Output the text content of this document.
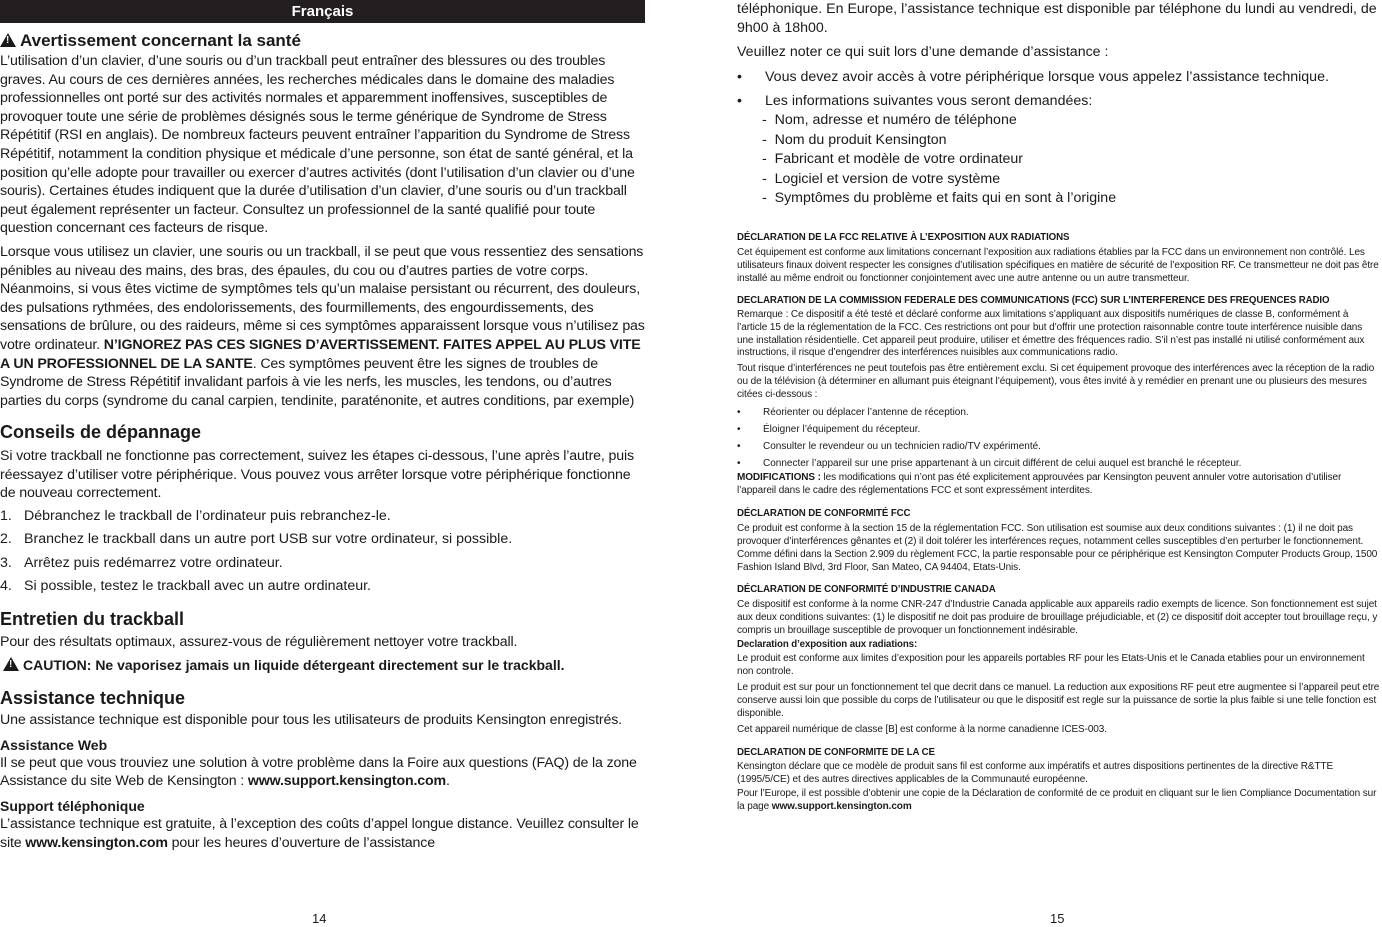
Français

!Avertissement concernant la santé

L’utilisation d’un clavier, d’une souris ou d’un trackball peut entraîner des blessures ou des troubles graves. Au cours de ces dernières années, les recherches médicales dans le domaine des maladies professionnelles ont porté sur des activités normales et apparemment inoffensives, susceptibles de provoquer toute une série de problèmes désignés sous le terme générique de Syndrome de Stress Répétitif (RSI en anglais). De nombreux facteurs peuvent entraîner l’apparition du Syndrome de Stress Répétitif, notamment la condition physique et médicale d’une personne, son état de santé général, et la position qu’elle adopte pour travailler ou exercer d’autres activités (dont l’utilisation d’un clavier ou d’une souris). Certaines études indiquent que la durée d’utilisation d’un clavier, d’une souris ou d’un trackball peut également représenter un facteur. Consultez un professionnel de la santé qualifié pour toute question concernant ces facteurs de risque.

Lorsque vous utilisez un clavier, une souris ou un trackball, il se peut que vous ressentiez des sensations pénibles au niveau des mains, des bras, des épaules, du cou ou d’autres parties de votre corps. Néanmoins, si vous êtes victime de symptômes tels qu’un malaise persistant ou récurrent, des douleurs, des pulsations rythmées, des endolorissements, des fourmillements, des engourdissements, des sensations de brûlure, ou des raideurs, même si ces symptômes apparaissent lorsque vous n’utilisez pas votre ordinateur. N’IGNOREZ PAS CES SIGNES D’AVERTISSEMENT. FAITES APPEL AU PLUS VITE A UN PROFESSIONNEL DE LA SANTE. Ces symptômes peuvent être les signes de troubles de Syndrome de Stress Répétitif invalidant parfois à vie les nerfs, les muscles, les tendons, ou d’autres parties du corps (syndrome du canal carpien, tendinite, paraténonite, et autres conditions, par exemple)

Conseils de dépannage

Si votre trackball ne fonctionne pas correctement, suivez les étapes ci-dessous, l’une après l’autre, puis réessayez d’utiliser votre périphérique. Vous pouvez vous arrêter lorsque votre périphérique fonctionne de nouveau correctement.

1. Débranchez le trackball de l’ordinateur puis rebranchez-le.
2. Branchez le trackball dans un autre port USB sur votre ordinateur, si possible.
3. Arrêtez puis redémarrez votre ordinateur.
4. Si possible, testez le trackball avec un autre ordinateur.

Entretien du trackball

Pour des résultats optimaux, assurez-vous de régulièrement nettoyer votre trackball.

!CAUTION: Ne vaporisez jamais un liquide détergeant directement sur le trackball.

Assistance technique

Une assistance technique est disponible pour tous les utilisateurs de produits Kensington enregistrés.

Assistance Web

Il se peut que vous trouviez une solution à votre problème dans la Foire aux questions (FAQ) de la zone Assistance du site Web de Kensington : www.support.kensington.com.

Support téléphonique

L’assistance technique est gratuite, à l’exception des coûts d’appel longue distance. Veuillez consulter le site www.kensington.com pour les heures d’ouverture de l’assistance

14

téléphonique. En Europe, l’assistance technique est disponible par téléphone du lundi au vendredi, de 9h00 à 18h00.

Veuillez noter ce qui suit lors d’une demande d’assistance :

•	Vous devez avoir accès à votre périphérique lorsque vous appelez l’assistance technique.
•	Les informations suivantes vous seront demandées:
- Nom, adresse et numéro de téléphone
- Nom du produit Kensington
- Fabricant et modèle de votre ordinateur
- Logiciel et version de votre système
- Symptômes du problème et faits qui en sont à l’origine

DÉCLARATION DE LA FCC RELATIVE À L’EXPOSITION AUX RADIATIONS

Cet équipement est conforme aux limitations concernant l’exposition aux radiations établies par la FCC dans un environnement non contrôlé. Les utilisateurs finaux doivent respecter les consignes d’utilisation spécifiques en matière de sécurité de l’exposition RF. Ce transmetteur ne doit pas être installé au même endroit ou fonctionner conjointement avec une autre antenne ou un autre transmetteur.

DECLARATION DE LA COMMISSION FEDERALE DES COMMUNICATIONS (FCC) SUR L’INTERFERENCE DES FREQUENCES RADIO

Remarque : Ce dispositif a été testé et déclaré conforme aux limitations s’appliquant aux dispositifs numériques de classe B, conformément à l’article 15 de la réglementation de la FCC. Ces restrictions ont pour but d’offrir une protection raisonnable contre toute interférence nuisible dans une installation résidentielle. Cet appareil peut produire, utiliser et émettre des fréquences radio. S’il n’est pas installé ni utilisé conformément aux instructions, il risque d’engendrer des interférences nuisibles aux communications radio.

Tout risque d’interférences ne peut toutefois pas être entièrement exclu. Si cet équipement provoque des interférences avec la réception de la radio ou de la télévision (à déterminer en allumant puis éteignant l’équipement), vous êtes invité à y remédier en prenant une ou plusieurs des mesures citées ci-dessous :

•	Réorienter ou déplacer l’antenne de réception.
•	Éloigner l’équipement du récepteur.
•	Consulter le revendeur ou un technicien radio/TV expérimenté.
•	Connecter l’appareil sur une prise appartenant à un circuit différent de celui auquel est branché le récepteur.

MODIFICATIONS : les modifications qui n’ont pas été explicitement approuvées par Kensington peuvent annuler votre autorisation d’utiliser l’appareil dans le cadre des réglementations FCC et sont expressément interdites.

DÉCLARATION DE CONFORMITÉ FCC

Ce produit est conforme à la section 15 de la réglementation FCC. Son utilisation est soumise aux deux conditions suivantes : (1) il ne doit pas provoquer d’interférences gênantes et (2) il doit tolérer les interférences reçues, notamment celles susceptibles d’en perturber le fonctionnement. Comme défini dans la Section 2.909 du règlement FCC, la partie responsable pour ce périphérique est Kensington Computer Products Group, 1500 Fashion Island Blvd, 3rd Floor, San Mateo, CA 94404, Etats-Unis.

DÉCLARATION DE CONFORMITÉ D’INDUSTRIE CANADA

Ce dispositif est conforme à la norme CNR-247 d’Industrie Canada applicable aux appareils radio exempts de licence. Son fonctionnement est sujet aux deux conditions suivantes: (1) le dispositif ne doit pas produire de brouillage préjudiciable, et (2) ce dispositif doit accepter tout brouillage reçu, y compris un brouillage susceptible de provoquer un fonctionnement indésirable.

Declaration d’exposition aux radiations:

Le produit est conforme aux limites d’exposition pour les appareils portables RF pour les Etats-Unis et le Canada etablies pour un environnement non controle.

Le produit est sur pour un fonctionnement tel que decrit dans ce manuel. La reduction aux expositions RF peut etre augmentee si l’appareil peut etre conserve aussi loin que possible du corps de l’utilisateur ou que le dispositif est regle sur la puissance de sortie la plus faible si une telle fonction est disponible.

Cet appareil numérique de classe [B] est conforme à la norme canadienne ICES-003.

DECLARATION DE CONFORMITE DE LA CE

Kensington déclare que ce modèle de produit sans fil est conforme aux impératifs et autres dispositions pertinentes de la directive R&TTE (1995/5/CE) et des autres directives applicables de la Communauté européenne.

Pour l’Europe, il est possible d’obtenir une copie de la Déclaration de conformité de ce produit en cliquant sur le lien Compliance Documentation sur la page www.support.kensington.com

15
